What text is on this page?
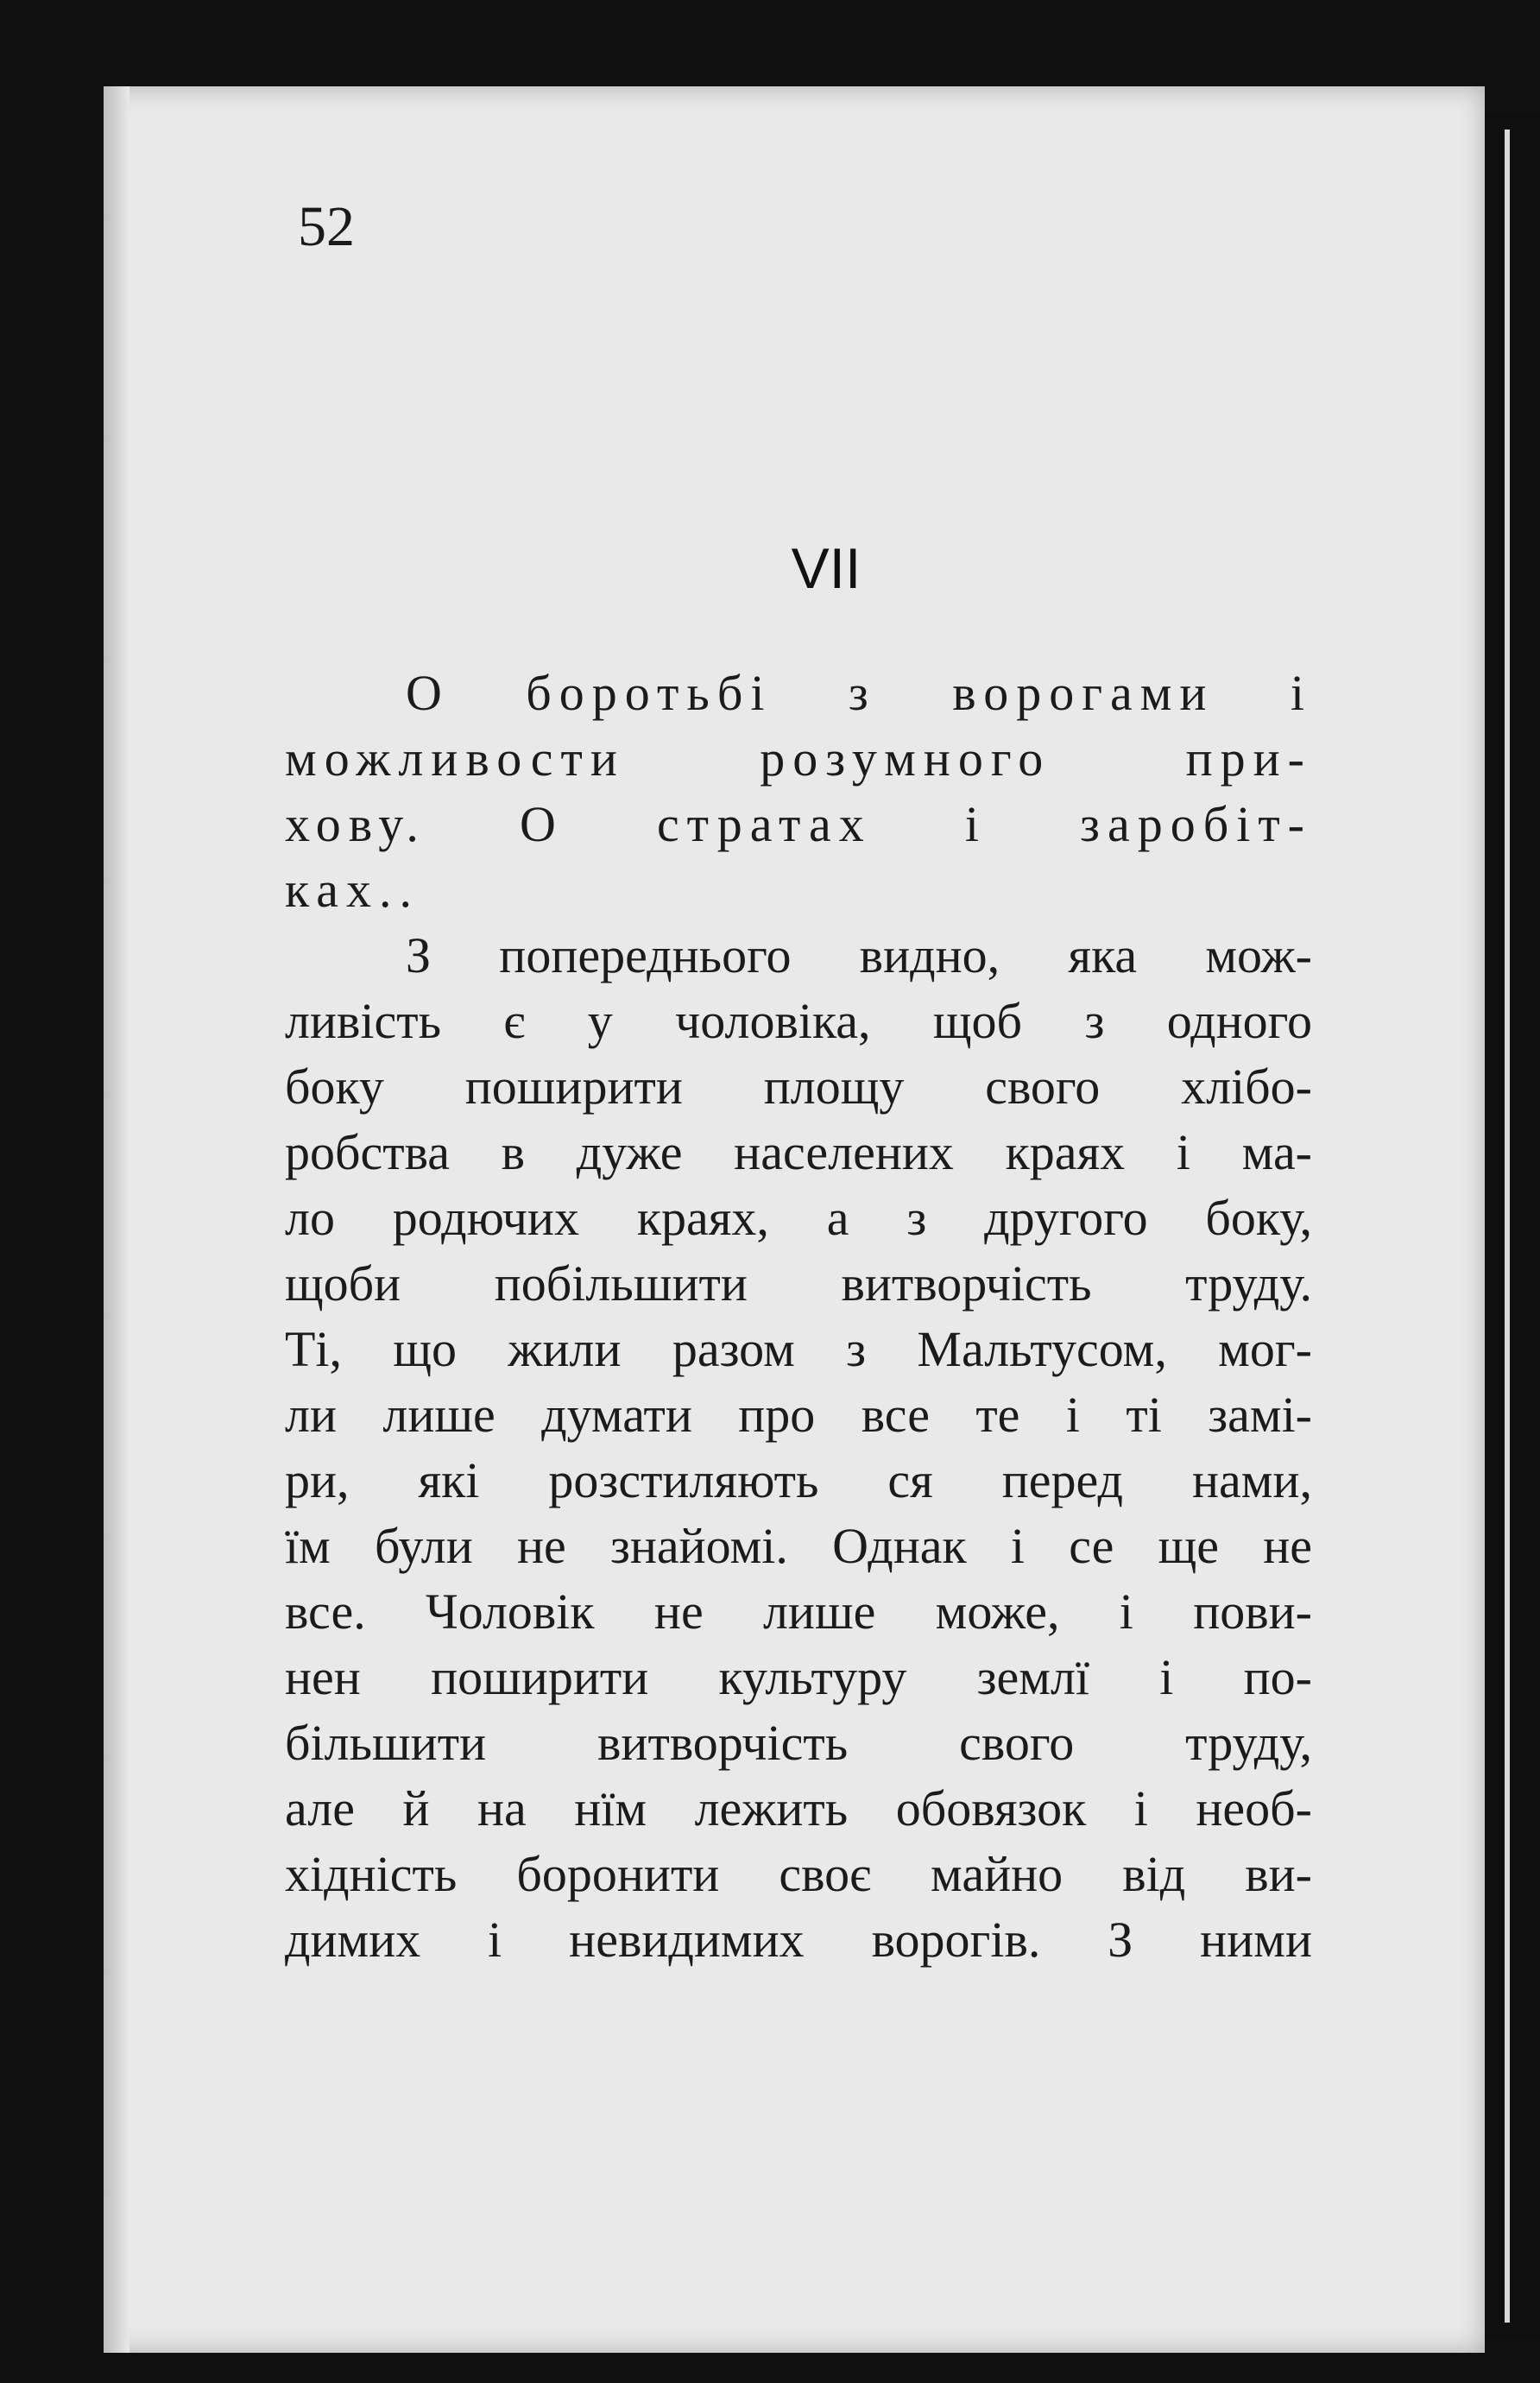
52
VII
О боротьбі з ворогами і
можливости розумного при-
хову. О стратах і заробіт-
ках..
З попереднього видно, яка мож-
ливість є у чоловіка, щоб з одного
боку поширити площу свого хлібо-
робства в дуже населених краях і ма-
ло родючих краях, а з другого боку,
щоби побільшити витворчість труду.
Ті, що жили разом з Мальтусом, мог-
ли лише думати про все те і ті замі-
ри, які розстиляють ся перед нами,
їм були не знайомі. Однак і се ще не
все. Чоловік не лише може, і пови-
нен поширити культуру землї і по-
більшити витворчість свого труду,
але й на нїм лежить обовязок і необ-
хідність боронити своє майно від ви-
димих і невидимих ворогів. З ними
